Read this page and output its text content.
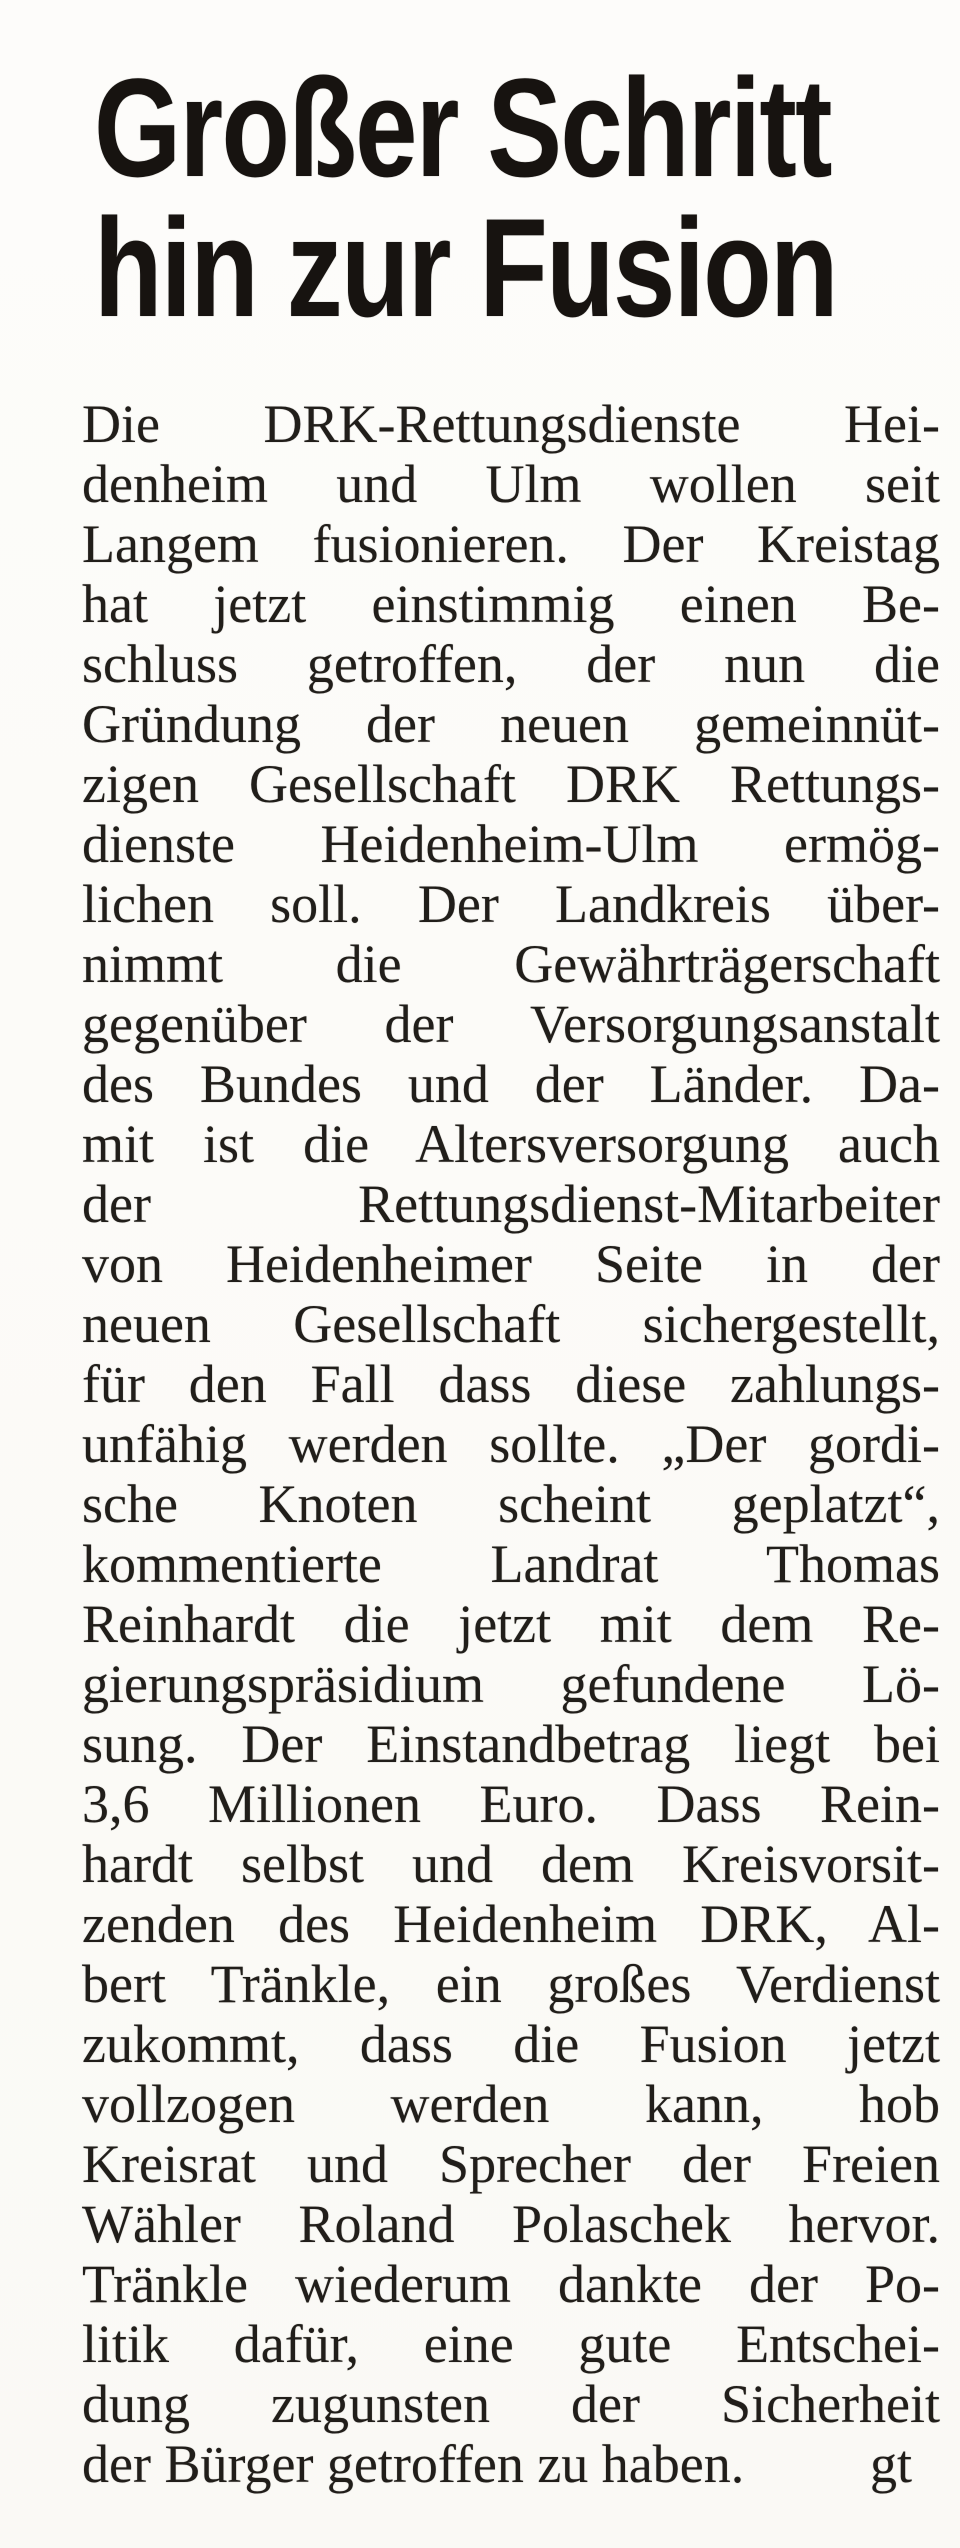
Großer Schritt
hin zur Fusion
Die DRK-Rettungsdienste Hei-
denheim und Ulm wollen seit
Langem fusionieren. Der Kreistag
hat jetzt einstimmig einen Be-
schluss getroffen, der nun die
Gründung der neuen gemeinnüt-
zigen Gesellschaft DRK Rettungs-
dienste Heidenheim-Ulm ermög-
lichen soll. Der Landkreis über-
nimmt die Gewährträgerschaft
gegenüber der Versorgungsanstalt
des Bundes und der Länder. Da-
mit ist die Altersversorgung auch
der Rettungsdienst-Mitarbeiter
von Heidenheimer Seite in der
neuen Gesellschaft sichergestellt,
für den Fall dass diese zahlungs-
unfähig werden sollte. „Der gordi-
sche Knoten scheint geplatzt“,
kommentierte Landrat Thomas
Reinhardt die jetzt mit dem Re-
gierungspräsidium gefundene Lö-
sung. Der Einstandbetrag liegt bei
3,6 Millionen Euro. Dass Rein-
hardt selbst und dem Kreisvorsit-
zenden des Heidenheim DRK, Al-
bert Tränkle, ein großes Verdienst
zukommt, dass die Fusion jetzt
vollzogen werden kann, hob
Kreisrat und Sprecher der Freien
Wähler Roland Polaschek hervor.
Tränkle wiederum dankte der Po-
litik dafür, eine gute Entschei-
dung zugunsten der Sicherheit
der Bürger getroffen zu haben. gt
